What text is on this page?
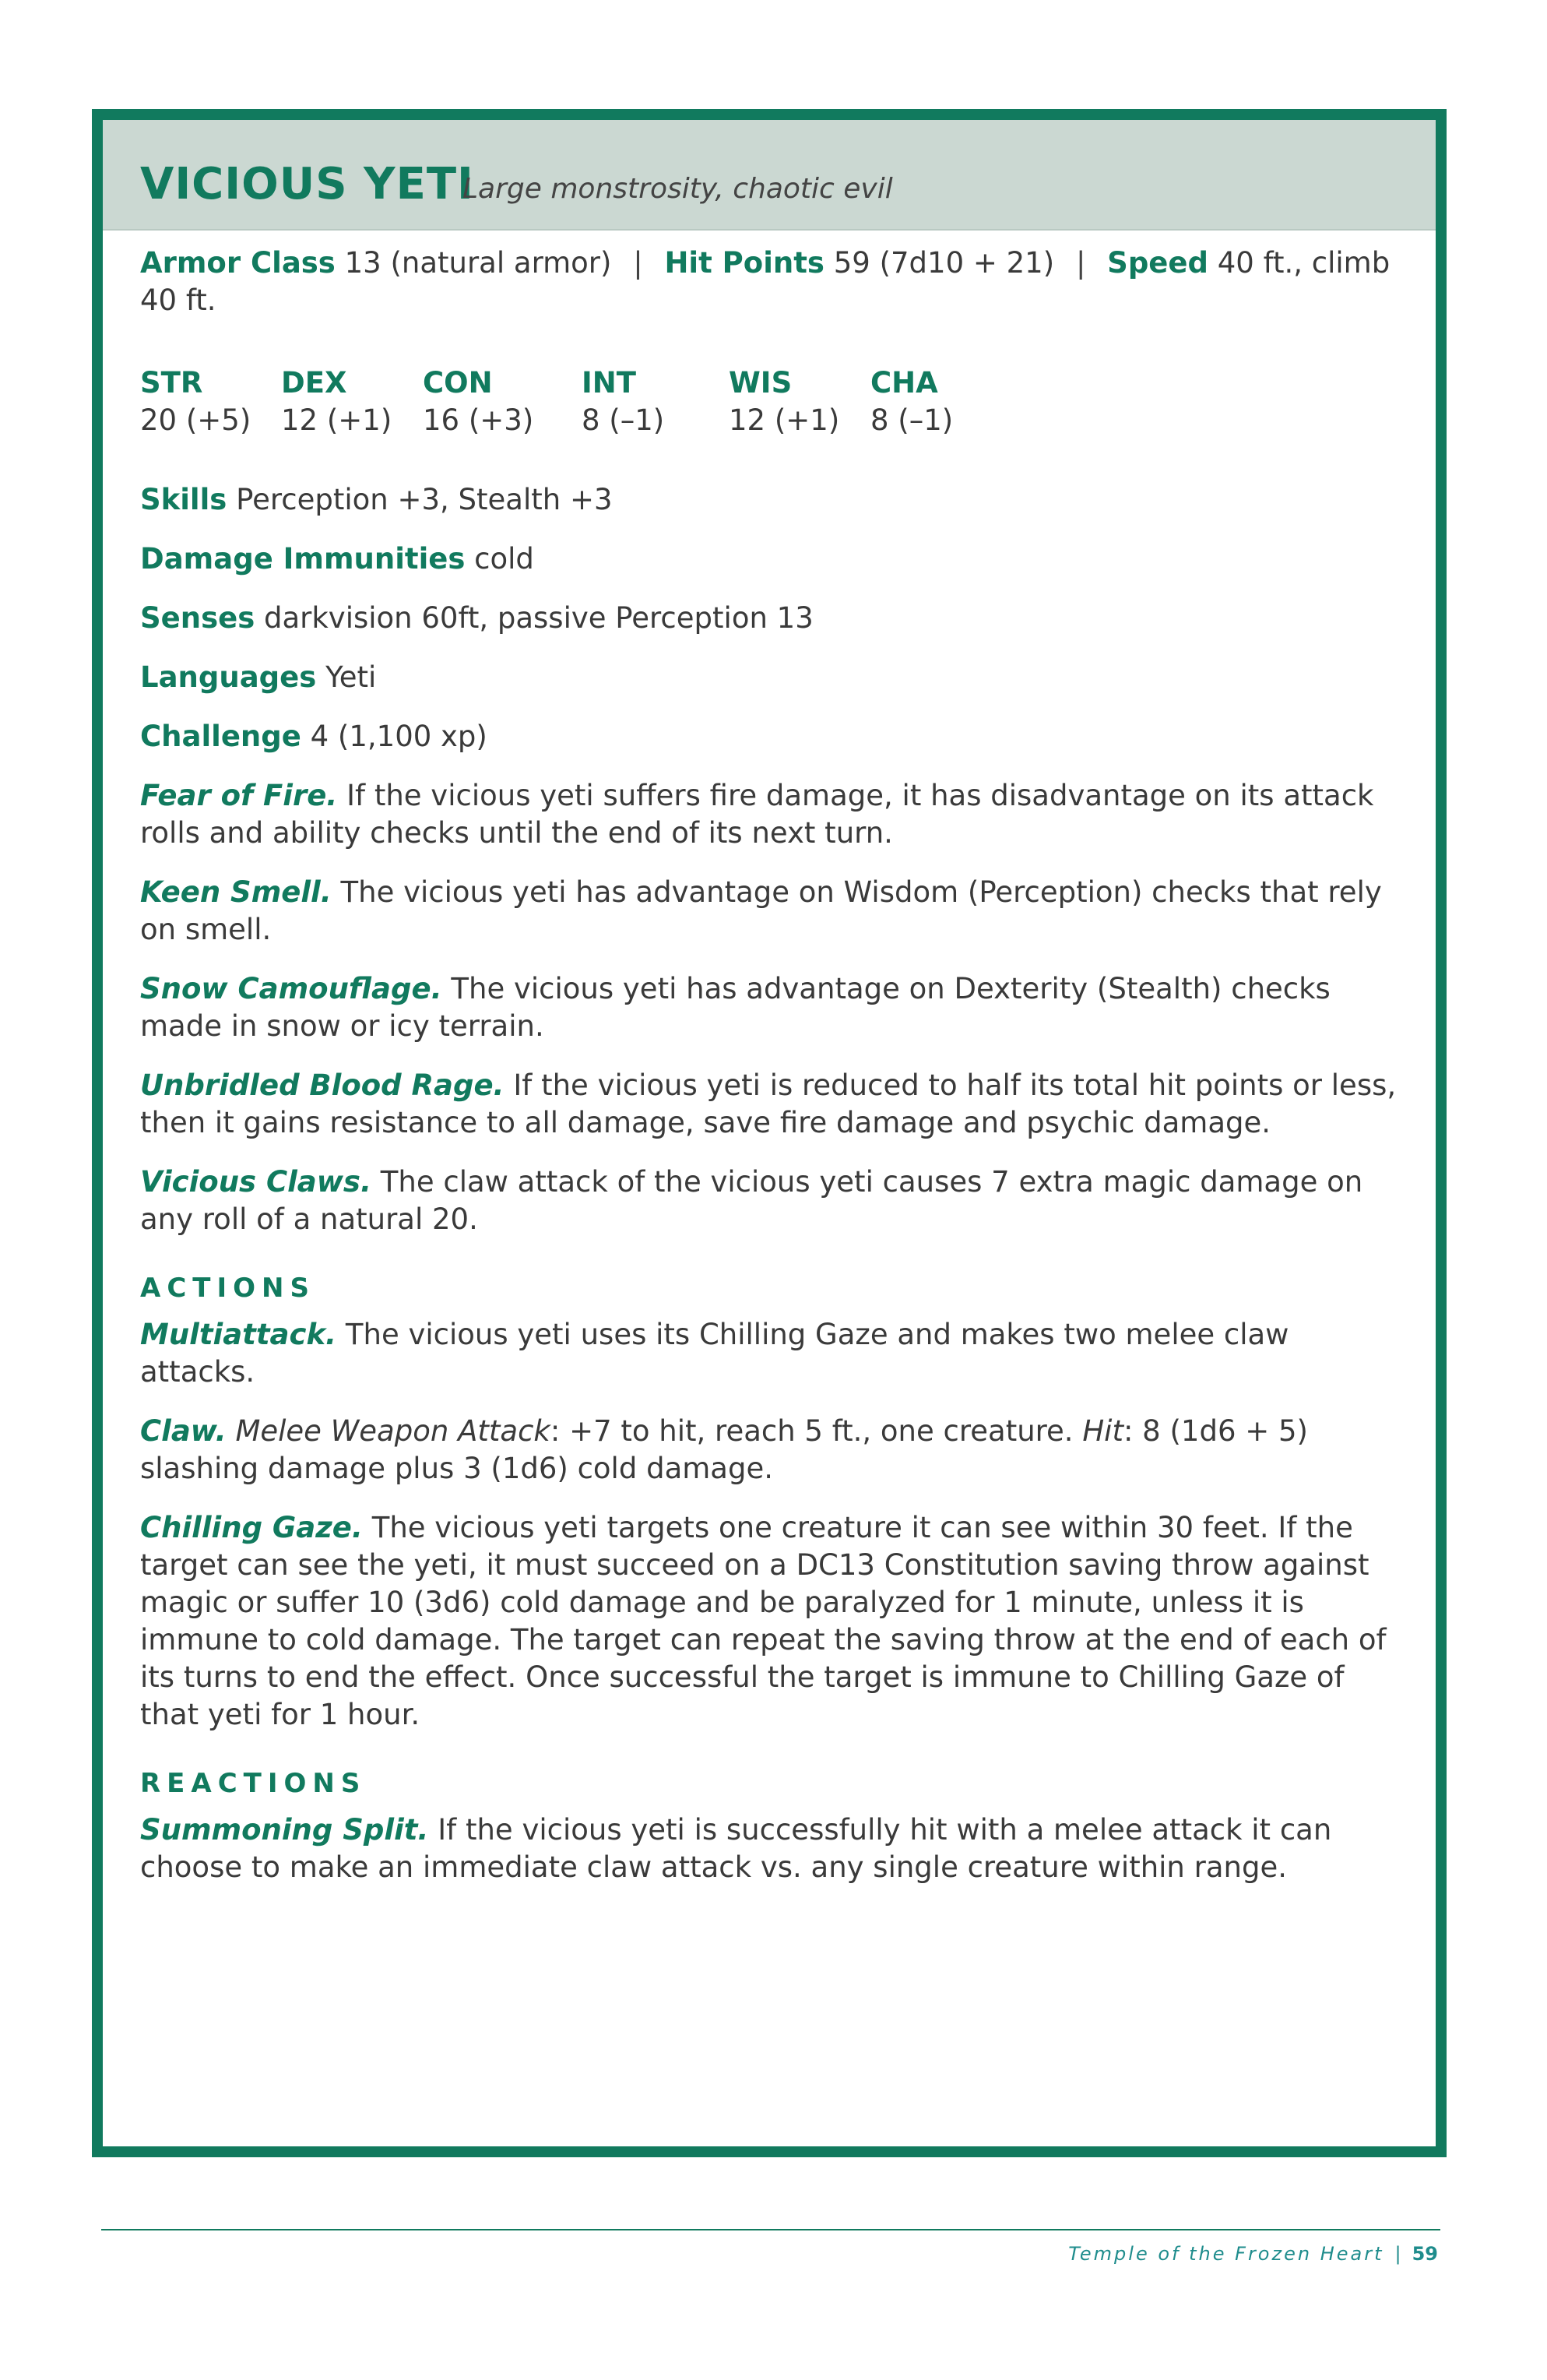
VICIOUS YETI
Large monstrosity, chaotic evil

Armor Class 13 (natural armor) | Hit Points 59 (7d10 + 21) | Speed 40 ft., climb 40 ft.

STR
20 (+5)
DEX
12 (+1)
CON
16 (+3)
INT
8 (–1)
WIS
12 (+1)
CHA
8 (–1)

Skills Perception +3, Stealth +3

Damage Immunities cold

Senses darkvision 60ft, passive Perception 13

Languages Yeti

Challenge 4 (1,100 xp)

Fear of Fire. If the vicious yeti suffers fire damage, it has disadvantage on its attack rolls and ability checks until the end of its next turn.

Keen Smell. The vicious yeti has advantage on Wisdom (Perception) checks that rely on smell.

Snow Camouflage. The vicious yeti has advantage on Dexterity (Stealth) checks made in snow or icy terrain.

Unbridled Blood Rage. If the vicious yeti is reduced to half its total hit points or less, then it gains resistance to all damage, save fire damage and psychic damage.

Vicious Claws. The claw attack of the vicious yeti causes 7 extra magic damage on any roll of a natural 20.

ACTIONS

Multiattack. The vicious yeti uses its Chilling Gaze and makes two melee claw attacks.

Claw. Melee Weapon Attack: +7 to hit, reach 5 ft., one creature. Hit: 8 (1d6 + 5) slashing damage plus 3 (1d6) cold damage.

Chilling Gaze. The vicious yeti targets one creature it can see within 30 feet. If the target can see the yeti, it must succeed on a DC13 Constitution saving throw against magic or suffer 10 (3d6) cold damage and be paralyzed for 1 minute, unless it is immune to cold damage. The target can repeat the saving throw at the end of each of its turns to end the effect. Once successful the target is immune to Chilling Gaze of that yeti for 1 hour.

REACTIONS

Summoning Split. If the vicious yeti is successfully hit with a melee attack it can choose to make an immediate claw attack vs. any single creature within range.

Temple of the Frozen Heart | 59
